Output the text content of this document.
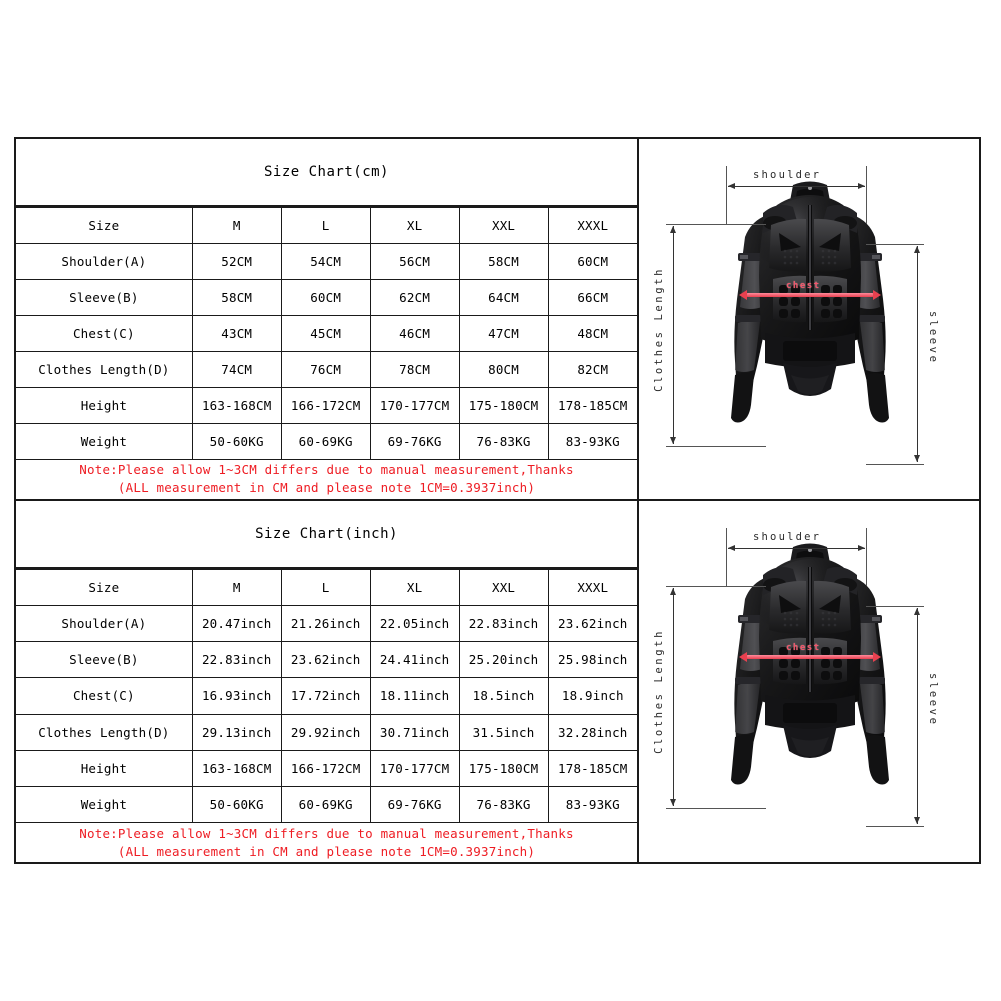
Size Chart(cm)
Size	M	L	XL	XXL	XXXL
Shoulder(A)	52CM	54CM	56CM	58CM	60CM
Sleeve(B)	58CM	60CM	62CM	64CM	66CM
Chest(C)	43CM	45CM	46CM	47CM	48CM
Clothes Length(D)	74CM	76CM	78CM	80CM	82CM
Height	163-168CM	166-172CM	170-177CM	175-180CM	178-185CM
Weight	50-60KG	60-69KG	69-76KG	76-83KG	83-93KG

Note:Please allow 1~3CM differs due to manual measurement,Thanks
(ALL measurement in CM and please note 1CM=0.3937inch)					
shoulder
Clothes Length	sleeve
chest
Size Chart(inch)
Size	M	L	XL	XXL	XXXL
Shoulder(A)	20.47inch	21.26inch	22.05inch	22.83inch	23.62inch
Sleeve(B)	22.83inch	23.62inch	24.41inch	25.20inch	25.98inch
Chest(C)	16.93inch	17.72inch	18.11inch	18.5inch	18.9inch
Clothes Length(D)	29.13inch	29.92inch	30.71inch	31.5inch	32.28inch
Height	163-168CM	166-172CM	170-177CM	175-180CM	178-185CM
Weight	50-60KG	60-69KG	69-76KG	76-83KG	83-93KG

Note:Please allow 1~3CM differs due to manual measurement,Thanks
(ALL measurement in CM and please note 1CM=0.3937inch)					
shoulder
Clothes Length	sleeve
chest
